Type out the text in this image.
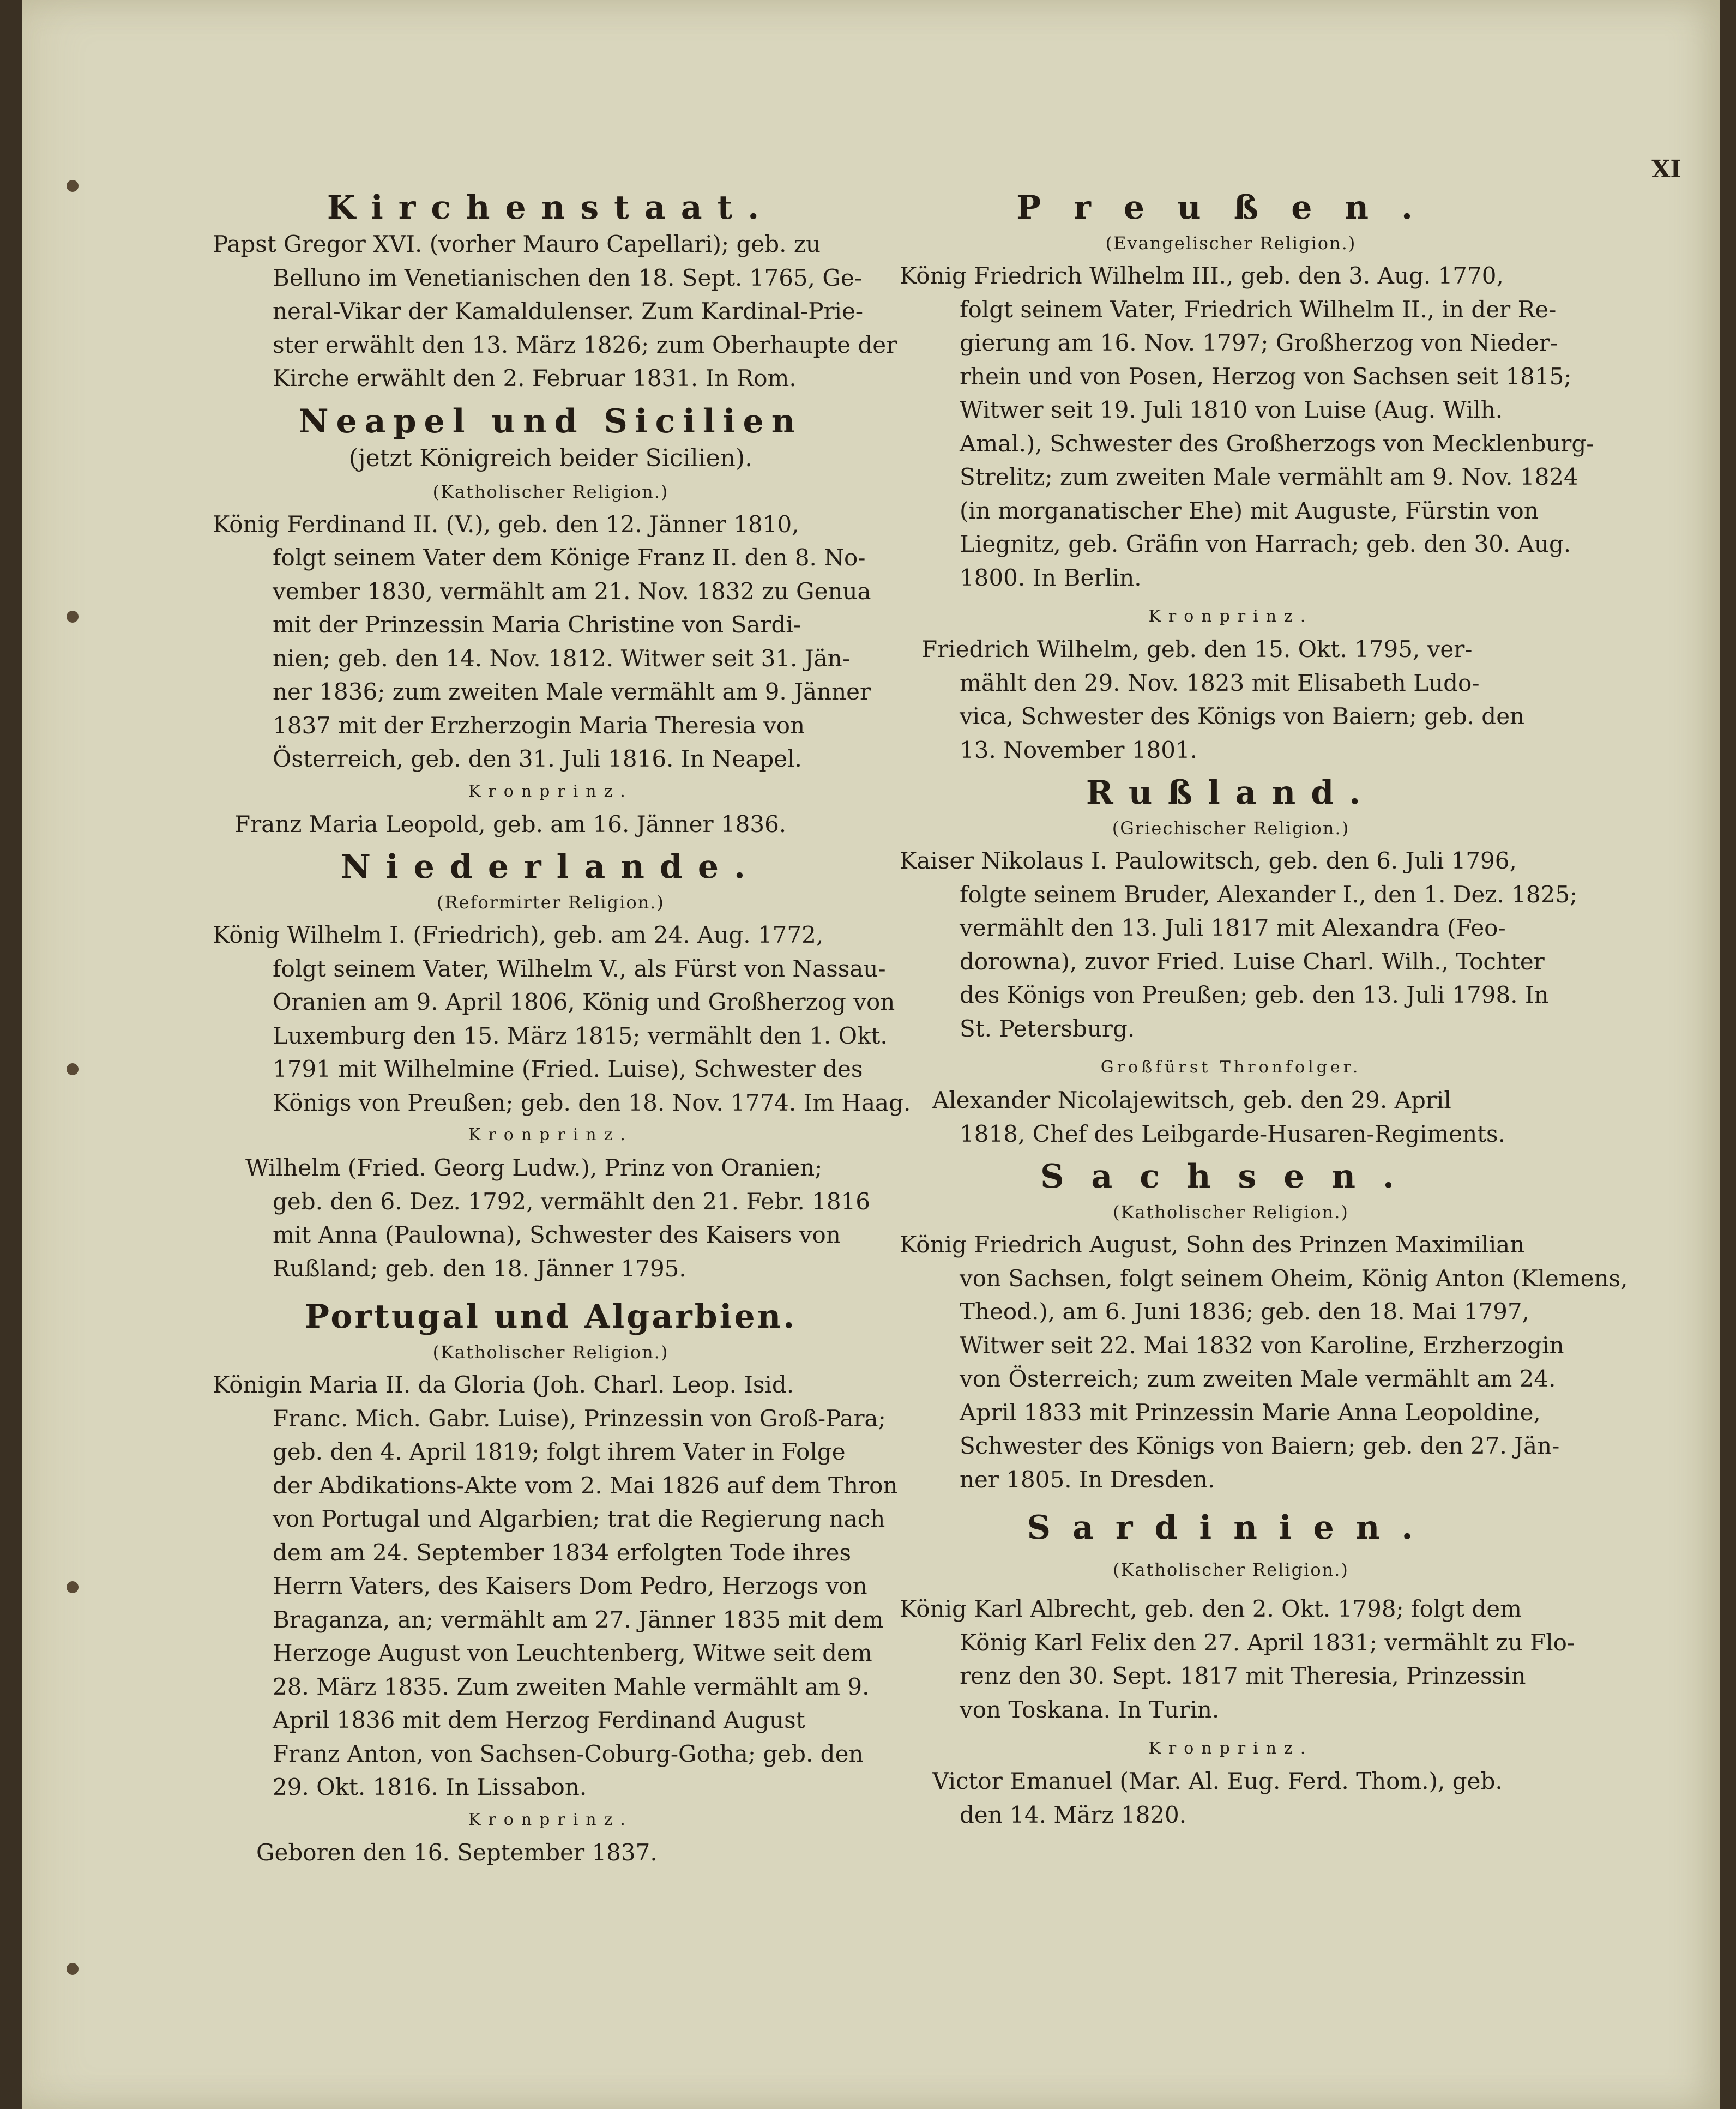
XI
Kirchenstaat.
Papst Gregor XVI. (vorher Mauro Capellari); geb. zu
Belluno im Venetianischen den 18. Sept. 1765, Ge-
neral-Vikar der Kamaldulenser. Zum Kardinal-Prie-
ster erwählt den 13. März 1826; zum Oberhaupte der
Kirche erwählt den 2. Februar 1831. In Rom.
Neapel und Sicilien

(jetzt Königreich beider Sicilien).

(Katholischer Religion.)

König Ferdinand II. (V.), geb. den 12. Jänner 1810,
folgt seinem Vater dem Könige Franz II. den 8. No-
vember 1830, vermählt am 21. Nov. 1832 zu Genua
mit der Prinzessin Maria Christine von Sardi-
nien; geb. den 14. Nov. 1812. Witwer seit 31. Jän-
ner 1836; zum zweiten Male vermählt am 9. Jänner
1837 mit der Erzherzogin Maria Theresia von
Österreich, geb. den 31. Juli 1816. In Neapel.

Kronprinz.

Franz Maria Leopold, geb. am 16. Jänner 1836.
Niederlande.

(Reformirter Religion.)

König Wilhelm I. (Friedrich), geb. am 24. Aug. 1772,
folgt seinem Vater, Wilhelm V., als Fürst von Nassau-
Oranien am 9. April 1806, König und Großherzog von
Luxemburg den 15. März 1815; vermählt den 1. Okt.
1791 mit Wilhelmine (Fried. Luise), Schwester des
Königs von Preußen; geb. den 18. Nov. 1774. Im Haag.

Kronprinz.

Wilhelm (Fried. Georg Ludw.), Prinz von Oranien;
geb. den 6. Dez. 1792, vermählt den 21. Febr. 1816
mit Anna (Paulowna), Schwester des Kaisers von
Rußland; geb. den 18. Jänner 1795.
Portugal und Algarbien.

(Katholischer Religion.)

Königin Maria II. da Gloria (Joh. Charl. Leop. Isid.
Franc. Mich. Gabr. Luise), Prinzessin von Groß-Para;
geb. den 4. April 1819; folgt ihrem Vater in Folge
der Abdikations-Akte vom 2. Mai 1826 auf dem Thron
von Portugal und Algarbien; trat die Regierung nach
dem am 24. September 1834 erfolgten Tode ihres
Herrn Vaters, des Kaisers Dom Pedro, Herzogs von
Braganza, an; vermählt am 27. Jänner 1835 mit dem
Herzoge August von Leuchtenberg, Witwe seit dem
28. März 1835. Zum zweiten Mahle vermählt am 9.
April 1836 mit dem Herzog Ferdinand August
Franz Anton, von Sachsen-Coburg-Gotha; geb. den
29. Okt. 1816. In Lissabon.

Kronprinz.

Geboren den 16. September 1837.
Preußen.

(Evangelischer Religion.)

König Friedrich Wilhelm III., geb. den 3. Aug. 1770,
folgt seinem Vater, Friedrich Wilhelm II., in der Re-
gierung am 16. Nov. 1797; Großherzog von Nieder-
rhein und von Posen, Herzog von Sachsen seit 1815;
Witwer seit 19. Juli 1810 von Luise (Aug. Wilh.
Amal.), Schwester des Großherzogs von Mecklenburg-
Strelitz; zum zweiten Male vermählt am 9. Nov. 1824
(in morganatischer Ehe) mit Auguste, Fürstin von
Liegnitz, geb. Gräfin von Harrach; geb. den 30. Aug.
1800. In Berlin.

Kronprinz.

Friedrich Wilhelm, geb. den 15. Okt. 1795, ver-
mählt den 29. Nov. 1823 mit Elisabeth Ludo-
vica, Schwester des Königs von Baiern; geb. den
13. November 1801.
Rußland.

(Griechischer Religion.)

Kaiser Nikolaus I. Paulowitsch, geb. den 6. Juli 1796,
folgte seinem Bruder, Alexander I., den 1. Dez. 1825;
vermählt den 13. Juli 1817 mit Alexandra (Feo-
dorowna), zuvor Fried. Luise Charl. Wilh., Tochter
des Königs von Preußen; geb. den 13. Juli 1798. In
St. Petersburg.

Großfürst Thronfolger.

Alexander Nicolajewitsch, geb. den 29. April
1818, Chef des Leibgarde-Husaren-Regiments.
Sachsen.

(Katholischer Religion.)

König Friedrich August, Sohn des Prinzen Maximilian
von Sachsen, folgt seinem Oheim, König Anton (Klemens,
Theod.), am 6. Juni 1836; geb. den 18. Mai 1797,
Witwer seit 22. Mai 1832 von Karoline, Erzherzogin
von Österreich; zum zweiten Male vermählt am 24.
April 1833 mit Prinzessin Marie Anna Leopoldine,
Schwester des Königs von Baiern; geb. den 27. Jän-
ner 1805. In Dresden.
Sardinien.

(Katholischer Religion.)

König Karl Albrecht, geb. den 2. Okt. 1798; folgt dem
König Karl Felix den 27. April 1831; vermählt zu Flo-
renz den 30. Sept. 1817 mit Theresia, Prinzessin
von Toskana. In Turin.

Kronprinz.

Victor Emanuel (Mar. Al. Eug. Ferd. Thom.), geb.
den 14. März 1820.
